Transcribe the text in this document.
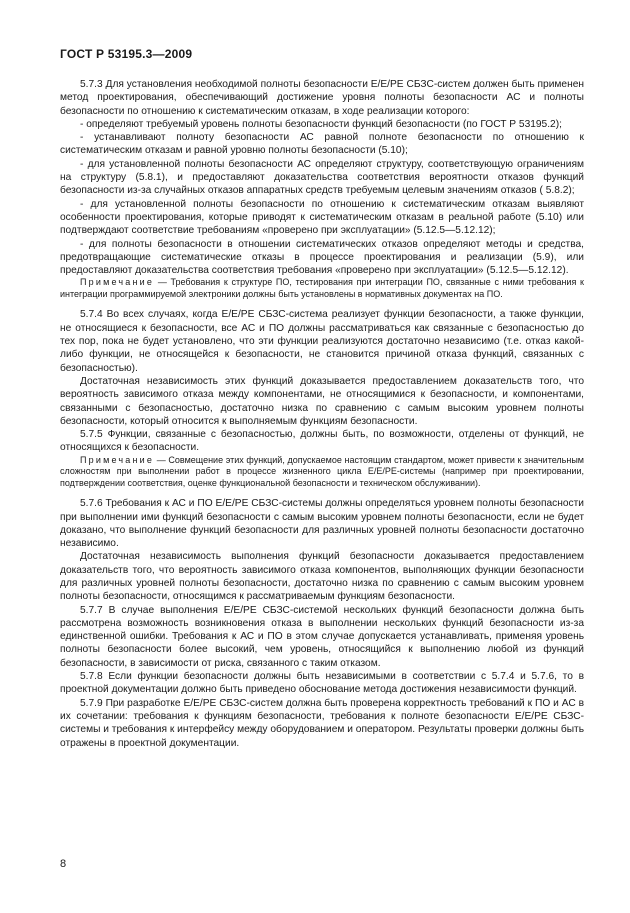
ГОСТ Р 53195.3—2009

5.7.3 Для установления необходимой полноты безопасности Е/Е/РЕ СБЗС-систем должен быть применен метод проектирования, обеспечивающий достижение уровня полноты безопасности АС и полноты безопасности по отношению к систематическим отказам, в ходе реализации которого:

- определяют требуемый уровень полноты безопасности функций безопасности (по ГОСТ Р 53195.2);

- устанавливают полноту безопасности АС равной полноте безопасности по отношению к систематическим отказам и равной уровню полноты безопасности (5.10);

- для установленной полноты безопасности АС определяют структуру, соответствующую ограничениям на структуру (5.8.1), и предоставляют доказательства соответствия вероятности отказов функций безопасности из-за случайных отказов аппаратных средств требуемым целевым значениям отказов ( 5.8.2);

- для установленной полноты безопасности по отношению к систематическим отказам выявляют особенности проектирования, которые приводят к систематическим отказам в реальной работе (5.10) или подтверждают соответствие требованиям «проверено при эксплуатации» (5.12.5—5.12.12);

- для полноты безопасности в отношении систематических отказов определяют методы и средства, предотвращающие систематические отказы в процессе проектирования и реализации (5.9), или предоставляют доказательства соответствия требования «проверено при эксплуатации» (5.12.5—5.12.12).

Примечание — Требования к структуре ПО, тестирования при интеграции ПО, связанные с ними требования к интеграции программируемой электроники должны быть установлены в нормативных документах на ПО.

5.7.4 Во всех случаях, когда Е/Е/РЕ СБЗС-система реализует функции безопасности, а также функции, не относящиеся к безопасности, все АС и ПО должны рассматриваться как связанные с безопасностью до тех пор, пока не будет установлено, что эти функции реализуются достаточно независимо (т.е. отказ какой-либо функции, не относящейся к безопасности, не становится причиной отказа функций, связанных с безопасностью).

Достаточная независимость этих функций доказывается предоставлением доказательств того, что вероятность зависимого отказа между компонентами, не относящимися к безопасности, и компонентами, связанными с безопасностью, достаточно низка по сравнению с самым высоким уровнем полноты безопасности, который относится к выполняемым функциям безопасности.

5.7.5 Функции, связанные с безопасностью, должны быть, по возможности, отделены от функций, не относящихся к безопасности.

Примечание — Совмещение этих функций, допускаемое настоящим стандартом, может привести к значительным сложностям при выполнении работ в процессе жизненного цикла Е/Е/РЕ-системы (например при проектировании, подтверждении соответствия, оценке функциональной безопасности и техническом обслуживании).

5.7.6 Требования к АС и ПО Е/Е/РЕ СБЗС-системы должны определяться уровнем полноты безопасности при выполнении ими функций безопасности с самым высоким уровнем полноты безопасности, если не будет доказано, что выполнение функций безопасности для различных уровней полноты безопасности достаточно независимо.

Достаточная независимость выполнения функций безопасности доказывается предоставлением доказательств того, что вероятность зависимого отказа компонентов, выполняющих функции безопасности для различных уровней полноты безопасности, достаточно низка по сравнению с самым высоким уровнем полноты безопасности, относящимся к рассматриваемым функциям безопасности.

5.7.7 В случае выполнения Е/Е/РЕ СБЗС-системой нескольких функций безопасности должна быть рассмотрена возможность возникновения отказа в выполнении нескольких функций безопасности из-за единственной ошибки. Требования к АС и ПО в этом случае допускается устанавливать, применяя уровень полноты безопасности более высокий, чем уровень, относящийся к выполнению любой из функций безопасности, в зависимости от риска, связанного с таким отказом.

5.7.8 Если функции безопасности должны быть независимыми в соответствии с 5.7.4 и 5.7.6, то в проектной документации должно быть приведено обоснование метода достижения независимости функций.

5.7.9 При разработке Е/Е/РЕ СБЗС-систем должна быть проверена корректность требований к ПО и АС в их сочетании: требования к функциям безопасности, требования к полноте безопасности Е/Е/РЕ СБЗС-системы и требования к интерфейсу между оборудованием и оператором. Результаты проверки должны быть отражены в проектной документации.

8
